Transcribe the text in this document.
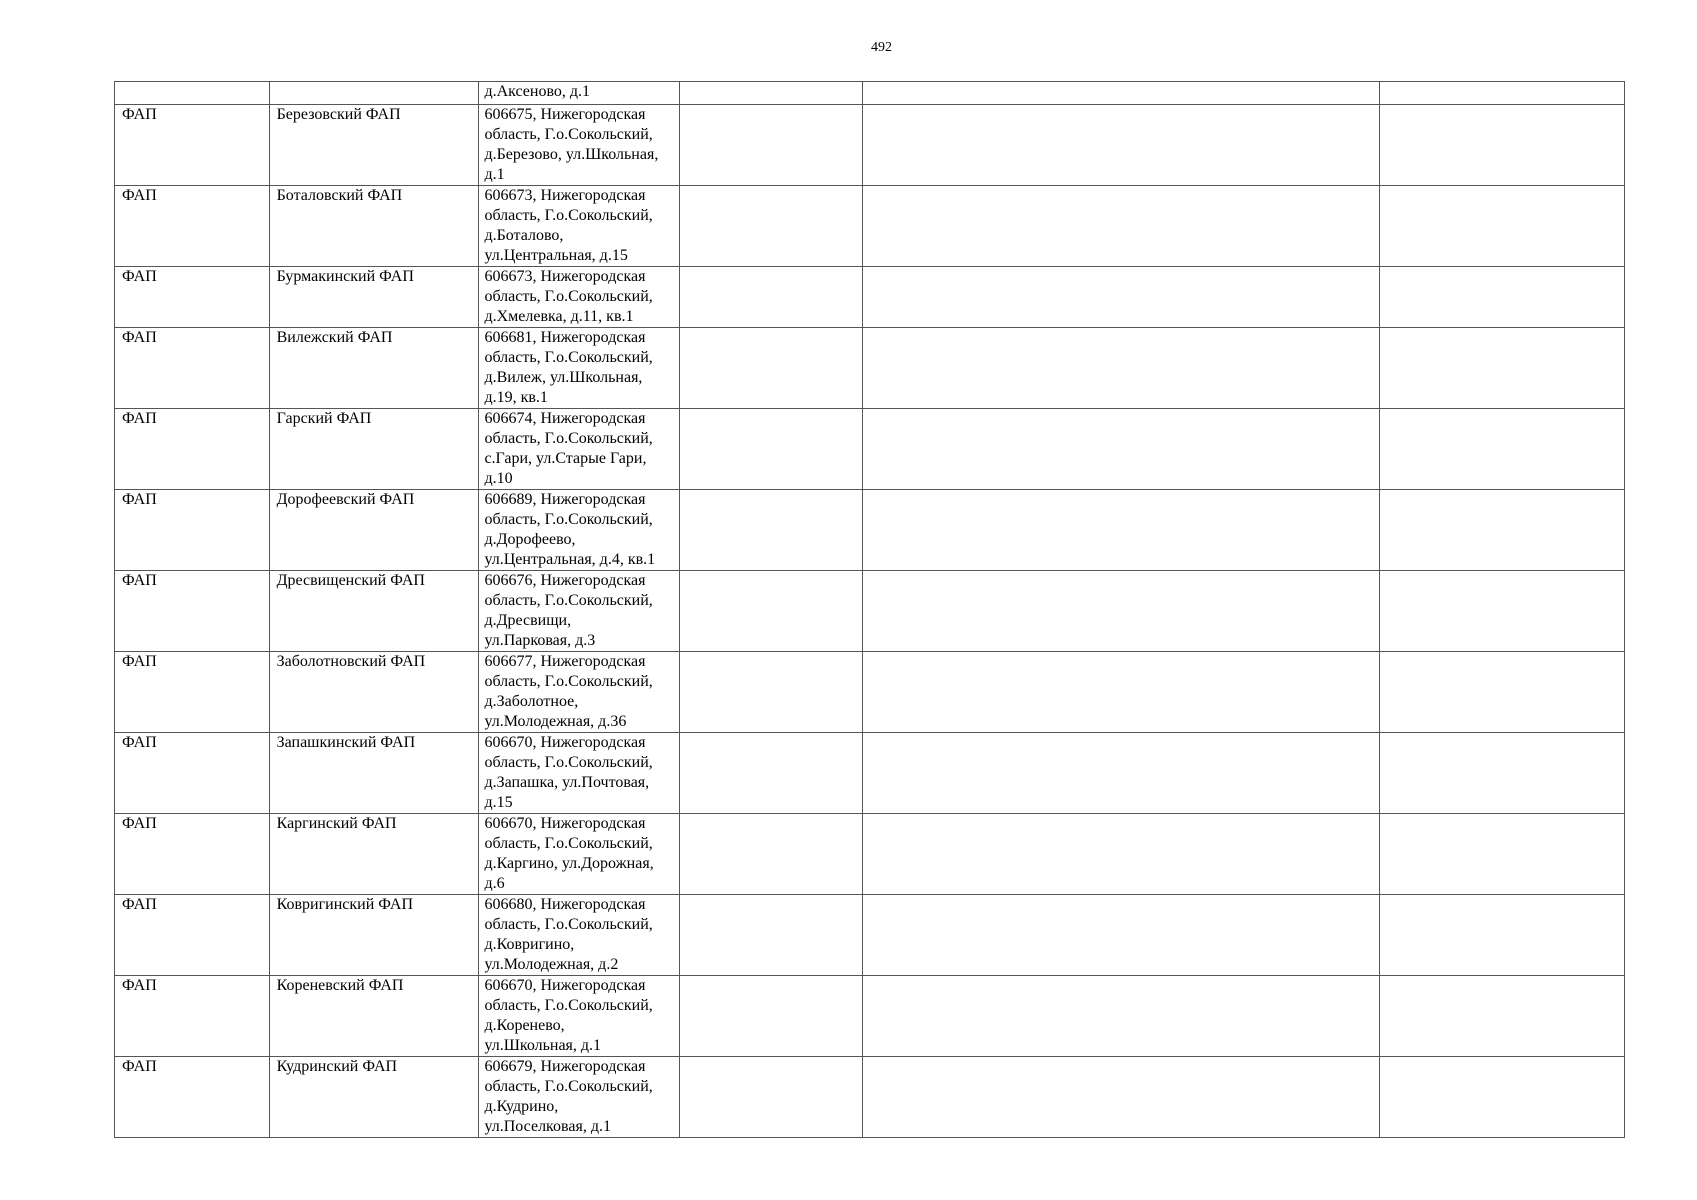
492
		д.Аксеново, д.1			
ФАП	Березовский ФАП	606675, Нижегородская
область, Г.о.Сокольский,
д.Березово, ул.Школьная,
д.1			
ФАП	Боталовский ФАП	606673, Нижегородская
область, Г.о.Сокольский,
д.Боталово,
ул.Центральная, д.15			
ФАП	Бурмакинский ФАП	606673, Нижегородская
область, Г.о.Сокольский,
д.Хмелевка, д.11, кв.1			
ФАП	Вилежский ФАП	606681, Нижегородская
область, Г.о.Сокольский,
д.Вилеж, ул.Школьная,
д.19, кв.1			
ФАП	Гарский ФАП	606674, Нижегородская
область, Г.о.Сокольский,
с.Гари, ул.Старые Гари,
д.10			
ФАП	Дорофеевский ФАП	606689, Нижегородская
область, Г.о.Сокольский,
д.Дорофеево,
ул.Центральная, д.4, кв.1			
ФАП	Дресвищенский ФАП	606676, Нижегородская
область, Г.о.Сокольский,
д.Дресвищи,
ул.Парковая, д.3			
ФАП	Заболотновский ФАП	606677, Нижегородская
область, Г.о.Сокольский,
д.Заболотное,
ул.Молодежная, д.36			
ФАП	Запашкинский ФАП	606670, Нижегородская
область, Г.о.Сокольский,
д.Запашка, ул.Почтовая,
д.15			
ФАП	Каргинский ФАП	606670, Нижегородская
область, Г.о.Сокольский,
д.Каргино, ул.Дорожная,
д.6			
ФАП	Ковригинский ФАП	606680, Нижегородская
область, Г.о.Сокольский,
д.Ковригино,
ул.Молодежная, д.2			
ФАП	Кореневский ФАП	606670, Нижегородская
область, Г.о.Сокольский,
д.Коренево,
ул.Школьная, д.1			
ФАП	Кудринский ФАП	606679, Нижегородская
область, Г.о.Сокольский,
д.Кудрино,
ул.Поселковая, д.1			
